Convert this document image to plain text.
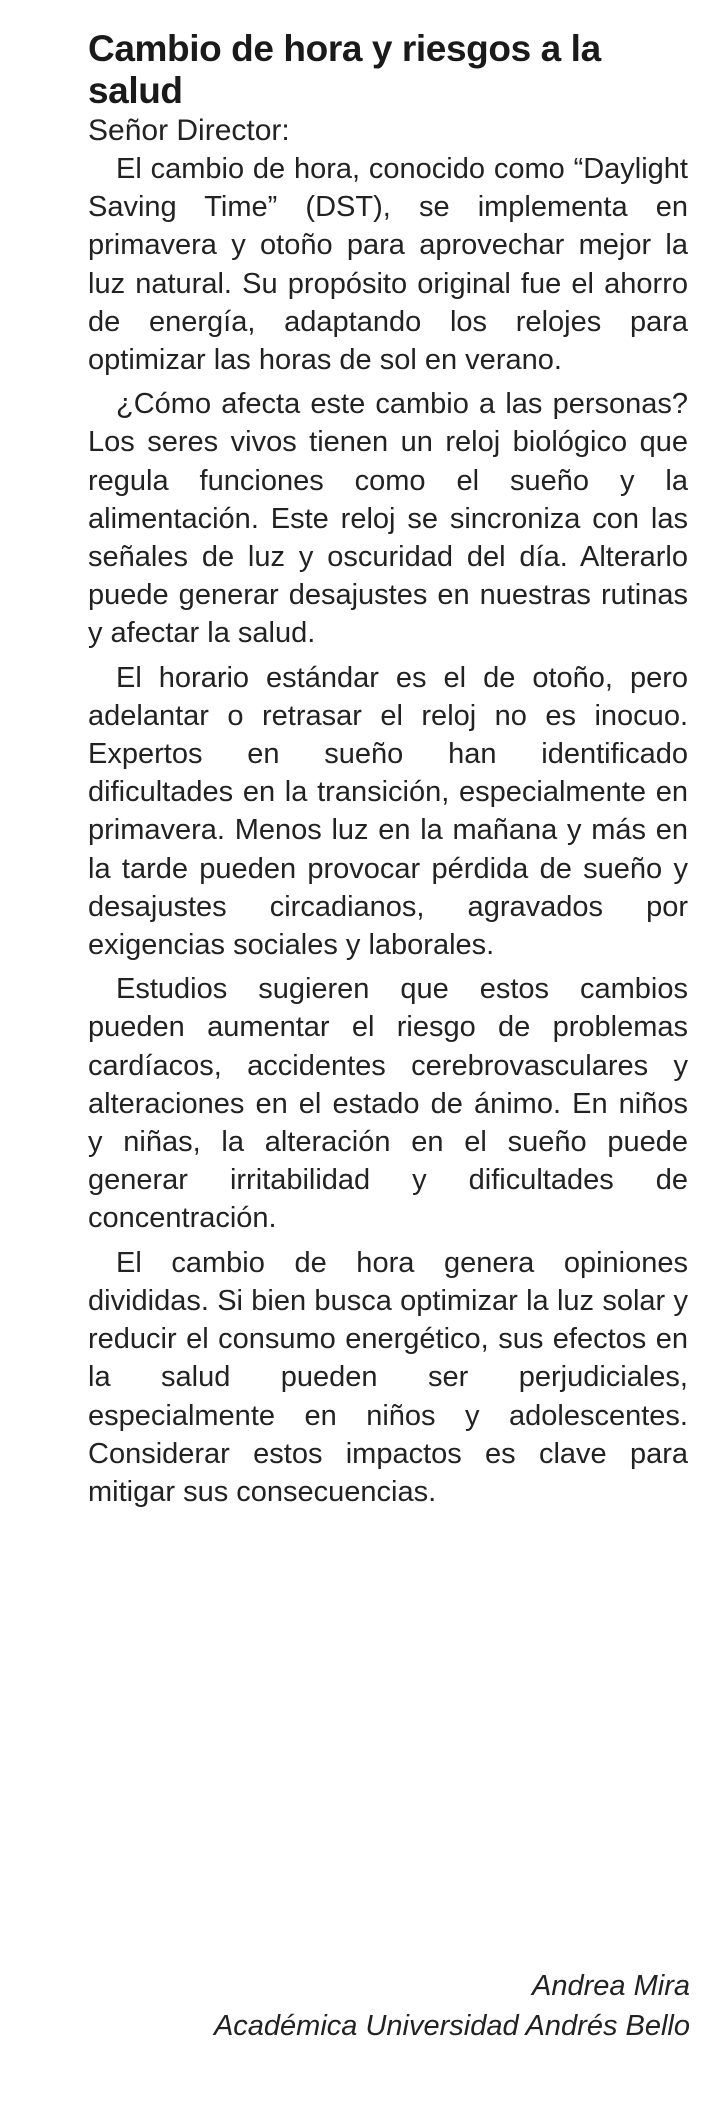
Cambio de hora y riesgos a la salud

Señor Director:

El cambio de hora, conocido como “Daylight Saving Time” (DST), se implementa en primavera y otoño para aprovechar mejor la luz natural. Su propósito original fue el ahorro de energía, adaptando los relojes para optimizar las horas de sol en verano.

¿Cómo afecta este cambio a las personas? Los seres vivos tienen un reloj biológico que regula funciones como el sueño y la alimentación. Este reloj se sincroniza con las señales de luz y oscuridad del día. Alterarlo puede generar desajustes en nuestras rutinas y afectar la salud.

El horario estándar es el de otoño, pero adelantar o retrasar el reloj no es inocuo. Expertos en sueño han identificado dificultades en la transición, especialmente en primavera. Menos luz en la mañana y más en la tarde pueden provocar pérdida de sueño y desajustes circadianos, agravados por exigencias sociales y laborales.

Estudios sugieren que estos cambios pueden aumentar el riesgo de problemas cardíacos, accidentes cerebrovasculares y alteraciones en el estado de ánimo. En niños y niñas, la alteración en el sueño puede generar irritabilidad y dificultades de concentración.

El cambio de hora genera opiniones divididas. Si bien busca optimizar la luz solar y reducir el consumo energético, sus efectos en la salud pueden ser perjudiciales, especialmente en niños y adolescentes. Considerar estos impactos es clave para mitigar sus consecuencias.

Andrea Mira
Académica Universidad Andrés Bello
